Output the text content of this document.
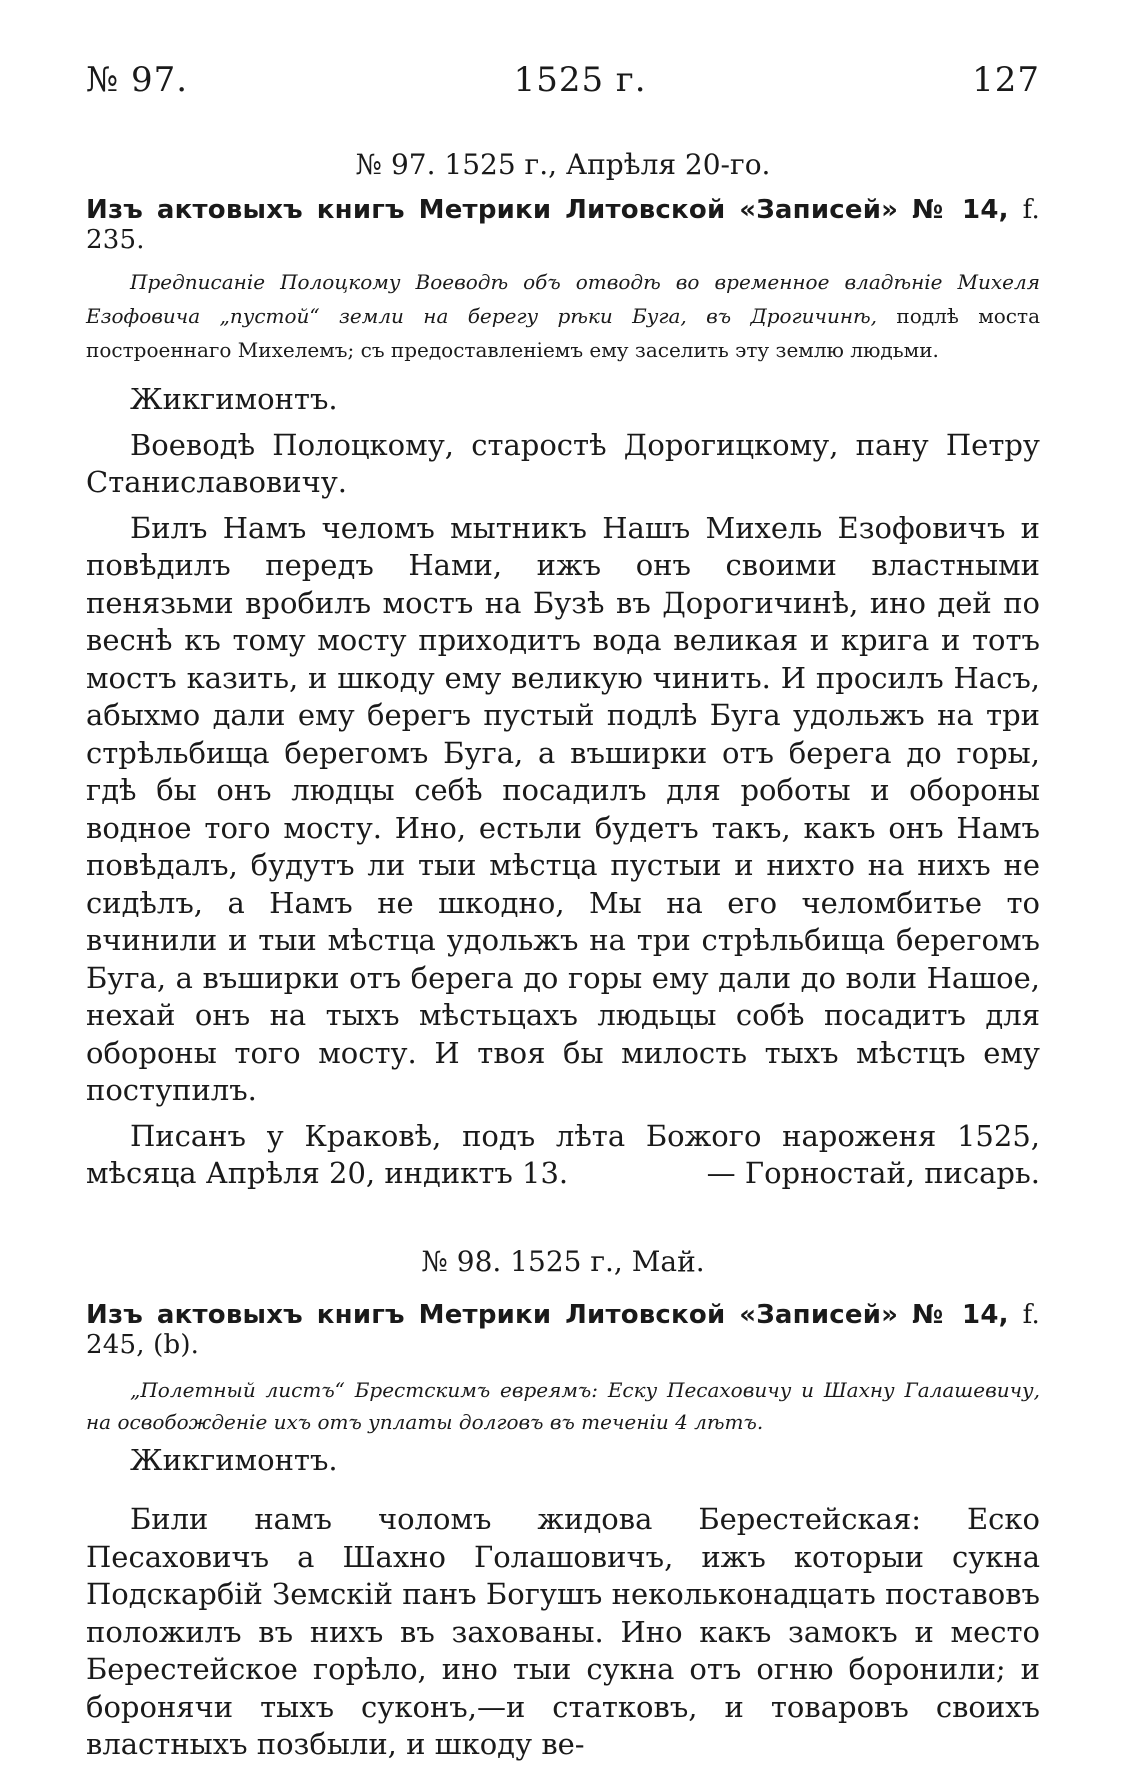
№ 97.	1525 г.	127
№ 97. 1525 г., Апрѣля 20-го.
Изъ актовыхъ книгъ Метрики Литовской «Записей» № 14, f. 235.
Предписаніе Полоцкому Воеводѣ объ отводѣ во временное владѣніе Михеля Езофовича „пустой“ земли на берегу рѣки Буга, въ Дрогичинѣ, подлѣ моста построеннаго Михелемъ; съ предоставленіемъ ему заселить эту землю людьми.

Жикгимонтъ.

Воеводѣ Полоцкому, старостѣ Дорогицкому, пану Петру Станиславовичу.

Билъ Намъ челомъ мытникъ Нашъ Михель Езофовичъ и повѣдилъ передъ Нами, ижъ онъ своими властными пенязьми вробилъ мостъ на Бузѣ въ Дорогичинѣ, ино дей по веснѣ къ тому мосту приходитъ вода великая и крига и тотъ мостъ казить, и шкоду ему великую чинить. И просилъ Насъ, абыхмо дали ему берегъ пустый подлѣ Буга удольжъ на три стрѣльбища берегомъ Буга, а въширки отъ берега до горы, гдѣ бы онъ людцы себѣ посадилъ для роботы и обороны водное того мосту. Ино, естьли будетъ такъ, какъ онъ Намъ повѣдалъ, будутъ ли тыи мѣстца пустыи и нихто на нихъ не сидѣлъ, а Намъ не шкодно, Мы на его челомбитье то вчинили и тыи мѣстца удольжъ на три стрѣльбища берегомъ Буга, а въширки отъ берега до горы ему дали до воли Нашое, нехай онъ на тыхъ мѣстьцахъ людьцы собѣ посадитъ для обороны того мосту. И твоя бы милость тыхъ мѣстцъ ему поступилъ.

Писанъ у Краковѣ, подъ лѣта Божого нароженя 1525, мѣсяца Апрѣля 20, индиктъ 13.	— Горностай, писарь.

№ 98. 1525 г., Май.
Изъ актовыхъ книгъ Метрики Литовской «Записей» № 14, f. 245, (b).
„Полетный листъ“ Брестскимъ евреямъ: Еску Песаховичу и Шахну Галашевичу, на освобожденіе ихъ отъ уплаты долговъ въ теченіи 4 лѣтъ.

Жикгимонтъ.

Били намъ чоломъ жидова Берестейская: Еско Песаховичъ а Шахно Голашовичъ, ижъ которыи сукна Подскарбій Земскій панъ Богушъ некольконадцать поставовъ положилъ въ нихъ въ захованы. Ино какъ замокъ и место Берестейское горѣло, ино тыи сукна отъ огню боронили; и боронячи тыхъ суконъ,—и статковъ, и товаровъ своихъ властныхъ позбыли, и шкоду ве-
